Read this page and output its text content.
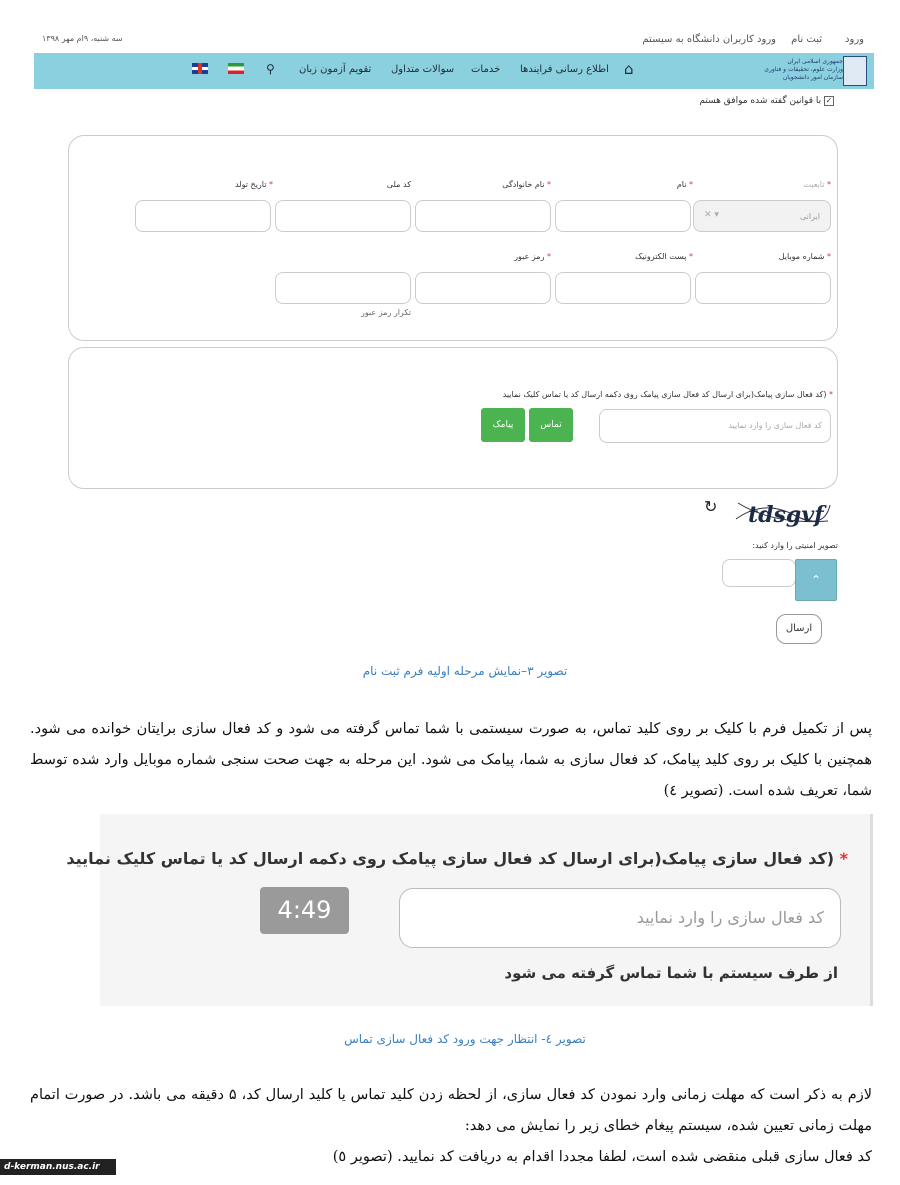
ورود
ثبت نام
ورود کاربران دانشگاه به سیستم
سه شنبه، ۹ام مهر ۱۳۹۸
جمهوری اسلامی ایران
وزارت علوم، تحقیقات و فناوری
سازمان امور دانشجویان
⌂
اطلاع رسانی فرایندها
خدمات
سوالات متداول
تقویم آزمون زبان
⚲
✓ با قوانین گفته شده موافق هستم
* تابعیت
ایرانی
▾ ✕
* نام
* نام خانوادگی
کد ملی
* تاریخ تولد
* شماره موبایل
* پست الکترونیک
* رمز عبور
تکرار رمز عبور
* (کد فعال سازی پیامک(برای ارسال کد فعال سازی پیامک روی دکمه ارسال کد یا تماس کلیک نمایید
کد فعال سازی را وارد نمایید
تماس
پیامک
tdsgvf
↻
تصویر امنیتی را وارد کنید:
⌃
ارسال
تصویر ۳–نمایش مرحله اولیه فرم ثبت نام

پس از تکمیل فرم با کلیک بر روی کلید تماس، به صورت سیستمی با شما تماس گرفته می شود و کد فعال سازی برایتان خوانده می شود. همچنین با کلیک بر روی کلید پیامک، کد فعال سازی به شما، پیامک می شود. این مرحله به جهت صحت سنجی شماره موبایل وارد شده توسط شما، تعریف شده است. (تصویر ٤)

* (کد فعال سازی پیامک(برای ارسال کد فعال سازی پیامک روی دکمه ارسال کد یا تماس کلیک نمایید
کد فعال سازی را وارد نمایید
4:49
از طرف سیستم با شما تماس گرفته می شود
تصویر ٤- انتظار جهت ورود کد فعال سازی تماس

لازم به ذکر است که مهلت زمانی وارد نمودن کد فعال سازی، از لحظه زدن کلید تماس یا کلید ارسال کد، ۵ دقیقه می باشد. در صورت اتمام مهلت زمانی تعیین شده، سیستم پیغام خطای زیر را نمایش می دهد:

کد فعال سازی قبلی منقضی شده است، لطفا مجددا اقدام به دریافت کد نمایید. (تصویر ٥)

d-kerman.nus.ac.ir
